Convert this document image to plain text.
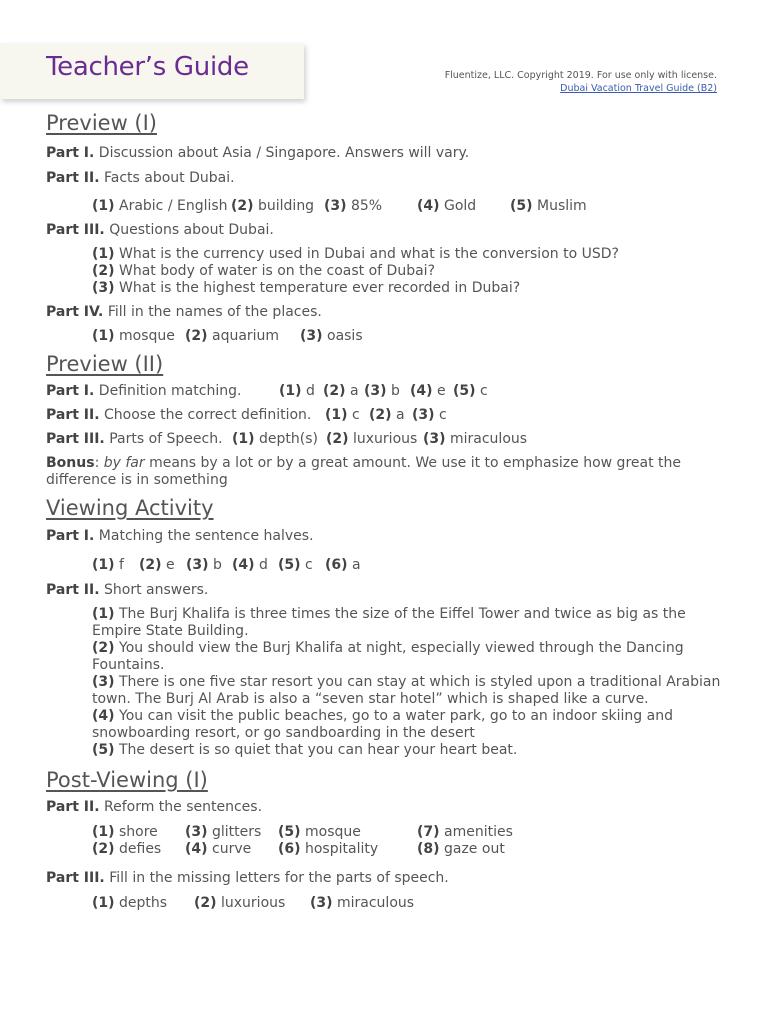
Teacher’s Guide	Fluentize, LLC. Copyright 2019. For use only with license.
Dubai Vacation Travel Guide (B2)
Preview (I)
Part I. Discussion about Asia / Singapore. Answers will vary.
Part II. Facts about Dubai.
(1) Arabic / English (2) building (3) 85%	(4) Gold	(5) Muslim
Part III. Questions about Dubai.
(1) What is the currency used in Dubai and what is the conversion to USD?
(2) What body of water is on the coast of Dubai?
(3) What is the highest temperature ever recorded in Dubai?
Part IV. Fill in the names of the places.
(1) mosque (2) aquarium	(3) oasis
Preview (II)
Part I. Definition matching.	(1) d (2) a (3) b (4) e (5) c
Part II. Choose the correct definition. (1) c (2) a (3) c
Part III. Parts of Speech. (1) depth(s) (2) luxurious (3) miraculous
Bonus: by far means by a lot or by a great amount. We use it to emphasize how great the difference is in something
Viewing Activity
Part I. Matching the sentence halves.
(1) f	(2) e (3) b (4) d (5) c (6) a
Part II. Short answers.
(1) The Burj Khalifa is three times the size of the Eiffel Tower and twice as big as the Empire State Building.
(2) You should view the Burj Khalifa at night, especially viewed through the Dancing Fountains.
(3) There is one five star resort you can stay at which is styled upon a traditional Arabian town. The Burj Al Arab is also a “seven star hotel” which is shaped like a curve.
(4) You can visit the public beaches, go to a water park, go to an indoor skiing and snowboarding resort, or go sandboarding in the desert
(5) The desert is so quiet that you can hear your heart beat.
Post-Viewing (I)
Part II. Reform the sentences.
(1) shore	(3) glitters	(5) mosque	(7) amenities
(2) defies	(4) curve	(6) hospitality	(8) gaze out
Part III. Fill in the missing letters for the parts of speech.
(1) depths	(2) luxurious	(3) miraculous
